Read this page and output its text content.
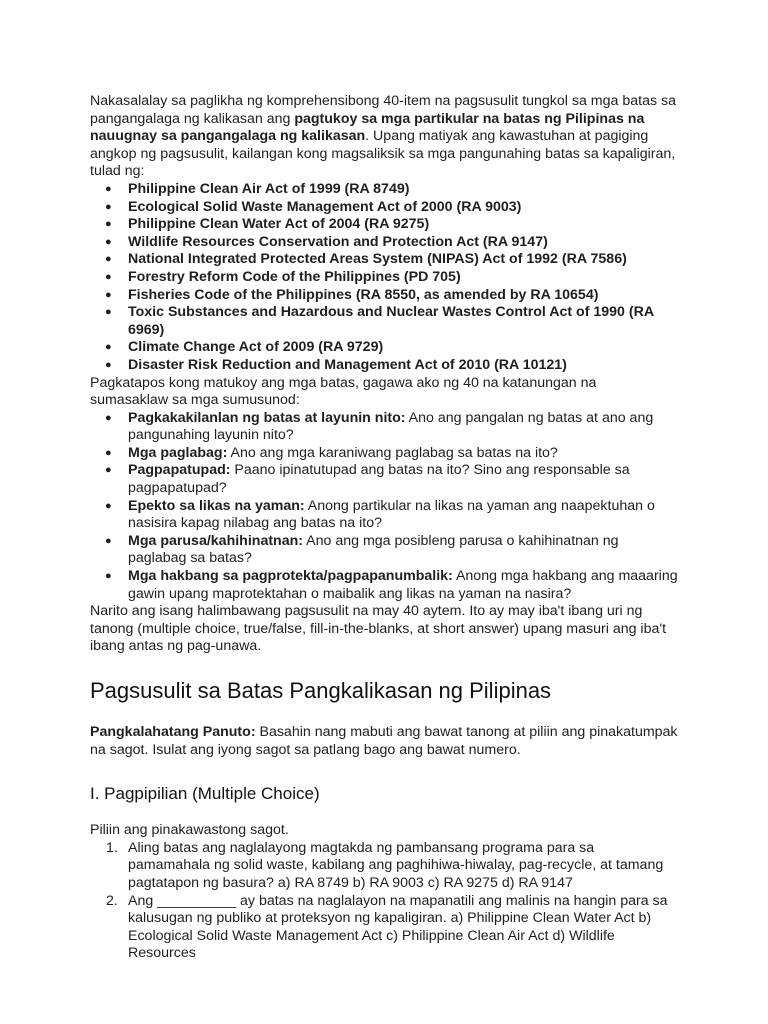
Nakasalalay sa paglikha ng komprehensibong 40-item na pagsusulit tungkol sa mga batas sa pangangalaga ng kalikasan ang pagtukoy sa mga partikular na batas ng Pilipinas na nauugnay sa pangangalaga ng kalikasan. Upang matiyak ang kawastuhan at pagiging angkop ng pagsusulit, kailangan kong magsaliksik sa mga pangunahing batas sa kapaligiran, tulad ng:

● Philippine Clean Air Act of 1999 (RA 8749)
● Ecological Solid Waste Management Act of 2000 (RA 9003)
● Philippine Clean Water Act of 2004 (RA 9275)
● Wildlife Resources Conservation and Protection Act (RA 9147)
● National Integrated Protected Areas System (NIPAS) Act of 1992 (RA 7586)
● Forestry Reform Code of the Philippines (PD 705)
● Fisheries Code of the Philippines (RA 8550, as amended by RA 10654)
● Toxic Substances and Hazardous and Nuclear Wastes Control Act of 1990 (RA 6969)
● Climate Change Act of 2009 (RA 9729)
● Disaster Risk Reduction and Management Act of 2010 (RA 10121)

Pagkatapos kong matukoy ang mga batas, gagawa ako ng 40 na katanungan na sumasaklaw sa mga sumusunod:

● Pagkakakilanlan ng batas at layunin nito: Ano ang pangalan ng batas at ano ang pangunahing layunin nito?
● Mga paglabag: Ano ang mga karaniwang paglabag sa batas na ito?
● Pagpapatupad: Paano ipinatutupad ang batas na ito? Sino ang responsable sa pagpapatupad?
● Epekto sa likas na yaman: Anong partikular na likas na yaman ang naapektuhan o nasisira kapag nilabag ang batas na ito?
● Mga parusa/kahihinatnan: Ano ang mga posibleng parusa o kahihinatnan ng paglabag sa batas?
● Mga hakbang sa pagprotekta/pagpapanumbalik: Anong mga hakbang ang maaaring gawin upang maprotektahan o maibalik ang likas na yaman na nasira?

Narito ang isang halimbawang pagsusulit na may 40 aytem. Ito ay may iba't ibang uri ng tanong (multiple choice, true/false, fill-in-the-blanks, at short answer) upang masuri ang iba't ibang antas ng pag-unawa.

Pagsusulit sa Batas Pangkalikasan ng Pilipinas

Pangkalahatang Panuto: Basahin nang mabuti ang bawat tanong at piliin ang pinakatumpak na sagot. Isulat ang iyong sagot sa patlang bago ang bawat numero.

I. Pagpipilian (Multiple Choice)

Piliin ang pinakawastong sagot.

1. Aling batas ang naglalayong magtakda ng pambansang programa para sa pamamahala ng solid waste, kabilang ang paghihiwa-hiwalay, pag-recycle, at tamang pagtatapon ng basura? a) RA 8749 b) RA 9003 c) RA 9275 d) RA 9147
2. Ang __________ ay batas na naglalayon na mapanatili ang malinis na hangin para sa kalusugan ng publiko at proteksyon ng kapaligiran. a) Philippine Clean Water Act b) Ecological Solid Waste Management Act c) Philippine Clean Air Act d) Wildlife Resources
